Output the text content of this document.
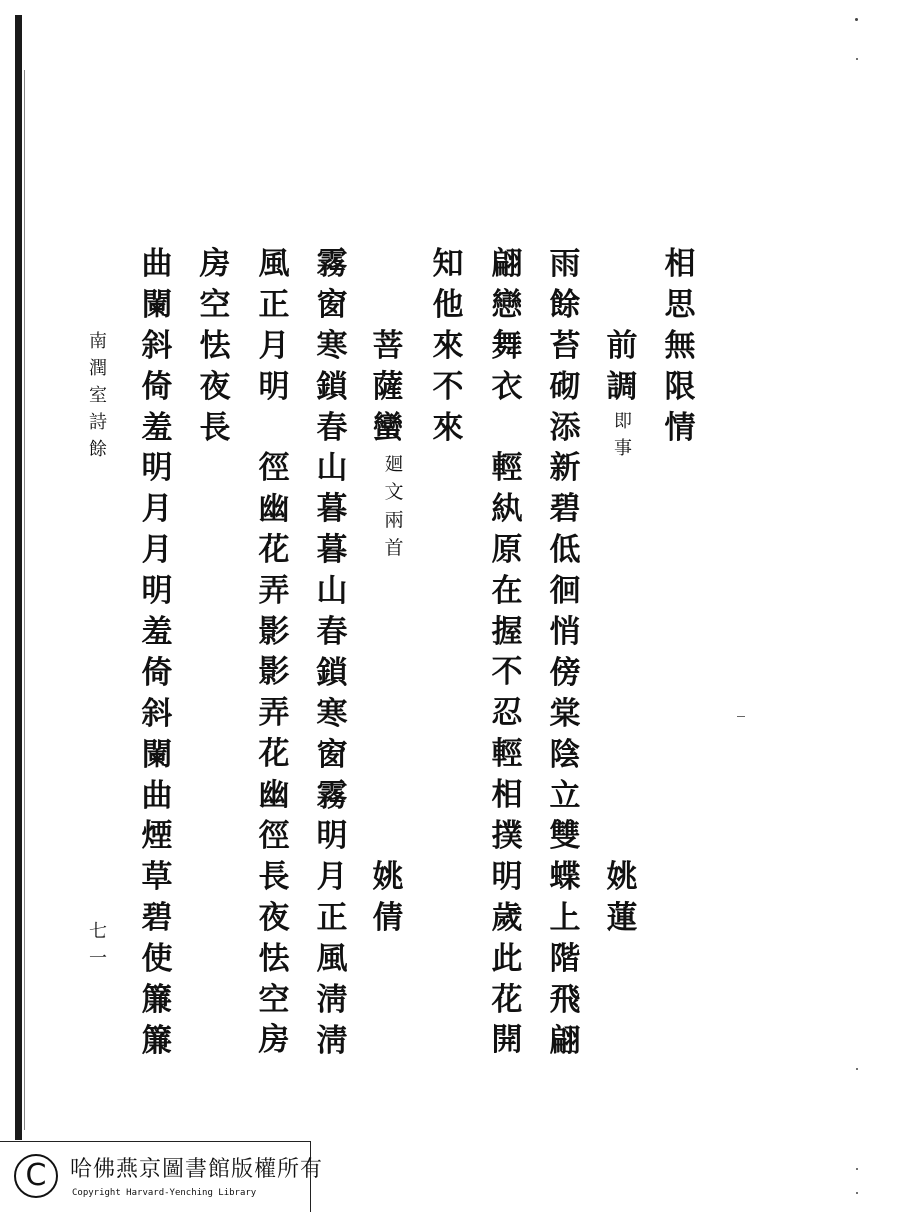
相
思
無
限
情
前
調
即
事
姚
蓮
雨
餘
苔
砌
添
新
碧
低
徊
悄
傍
棠
陰
立
雙
蝶
上
階
飛
翩
翩
戀
舞
衣
輕
紈
原
在
握
不
忍
輕
相
撲
明
歲
此
花
開
知
他
來
不
來
菩
薩
蠻
廻
文
兩
首
姚
倩
霧
窗
寒
鎖
春
山
暮
暮
山
春
鎖
寒
窗
霧
明
月
正
風
淸
淸
風
正
月
明
徑
幽
花
弄
影
影
弄
花
幽
徑
長
夜
怯
空
房
房
空
怯
夜
長
曲
闌
斜
倚
羞
明
月
月
明
羞
倚
斜
闌
曲
煙
草
碧
使
簾
簾
南
潤
室
詩
餘
七
一
C	哈佛燕京圖書館版權所有
Copyright Harvard-Yenching Library
